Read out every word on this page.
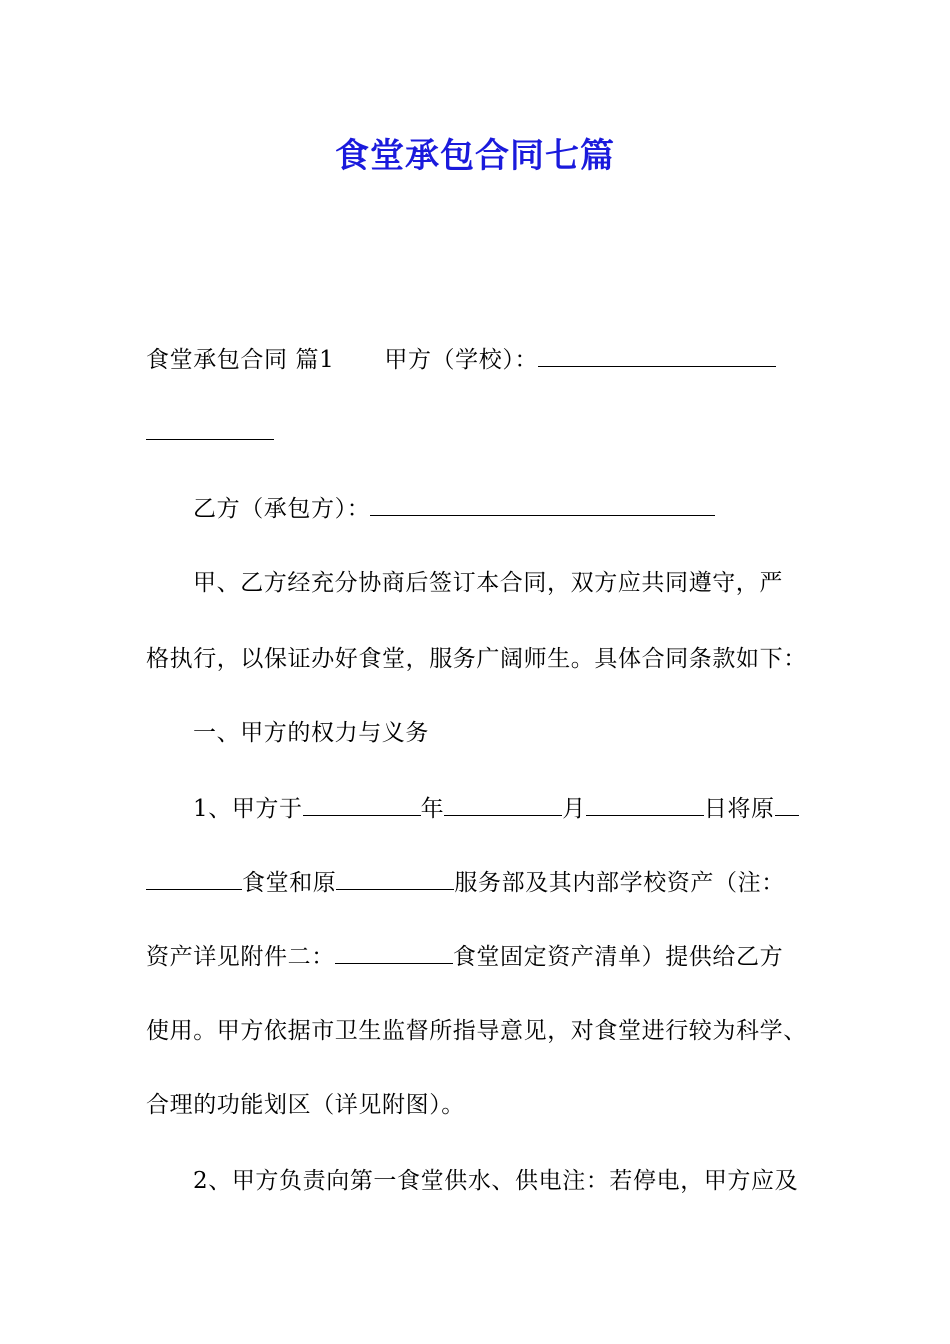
食堂承包合同七篇
食堂承包合同 篇1 甲方（学校）：
乙方（承包方）：
甲、乙方经充分协商后签订本合同，双方应共同遵守，严
格执行，以保证办好食堂，服务广阔师生。具体合同条款如下：
一、甲方的权力与义务
1、甲方于	年	月	日将原
食堂和原	服务部及其内部学校资产（注：
资产详见附件二：	食堂固定资产清单）提供给乙方
使用。甲方依据市卫生监督所指导意见，对食堂进行较为科学、
合理的功能划区（详见附图）。
2、甲方负责向第一食堂供水、供电注：若停电，甲方应及
